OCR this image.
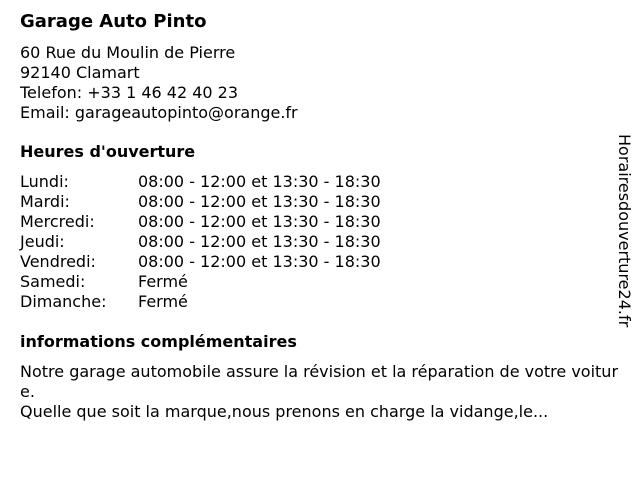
Garage Auto Pinto
60 Rue du Moulin de Pierre
92140 Clamart
Telefon: +33 1 46 42 40 23
Email: garageautopinto@orange.fr
Heures d'ouverture
Lundi:	08:00 - 12:00 et 13:30 - 18:30
Mardi:	08:00 - 12:00 et 13:30 - 18:30
Mercredi:	08:00 - 12:00 et 13:30 - 18:30
Jeudi:	08:00 - 12:00 et 13:30 - 18:30
Vendredi:	08:00 - 12:00 et 13:30 - 18:30
Samedi:	Fermé
Dimanche: Fermé
informations complémentaires

Notre garage automobile assure la révision et la réparation de votre voiture.

Quelle que soit la marque,nous prenons en charge la vidange,le...

Horairesdouverture24.fr
